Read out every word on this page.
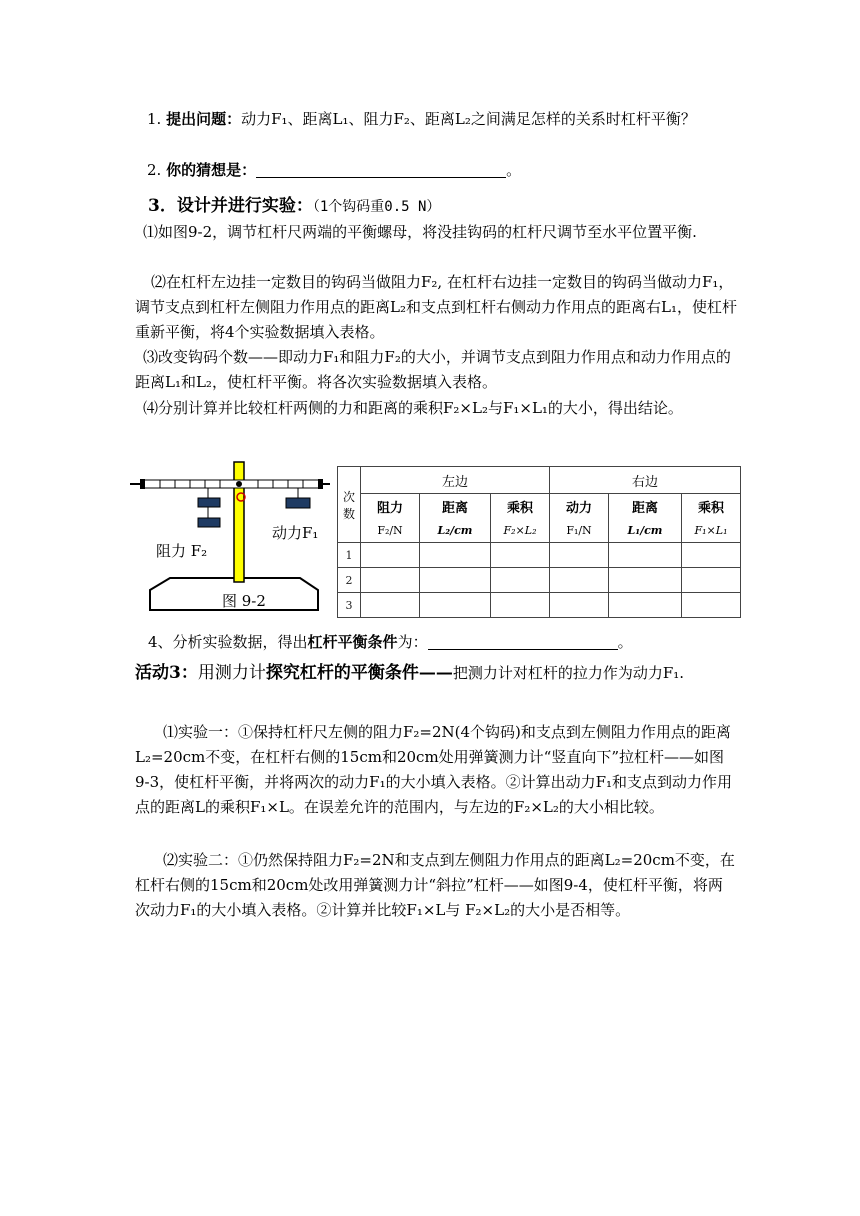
1. 提出问题：动力F₁、距离L₁、阻力F₂、距离L₂之间满足怎样的关系时杠杆平衡？

2. 你的猜想是：	。

3．设计并进行实验：（1个钩码重0.5 N）

⑴如图9-2，调节杠杆尺两端的平衡螺母，将没挂钩码的杠杆尺调节至水平位置平衡.

⑵在杠杆左边挂一定数目的钩码当做阻力F₂, 在杠杆右边挂一定数目的钩码当做动力F₁，调节支点到杠杆左侧阻力作用点的距离L₂和支点到杠杆右侧动力作用点的距离右L₁，使杠杆重新平衡，将4个实验数据填入表格。

⑶改变钩码个数——即动力F₁和阻力F₂的大小，并调节支点到阻力作用点和动力作用点的距离L₁和L₂，使杠杆平衡。将各次实验数据填入表格。

⑷分别计算并比较杠杆两侧的力和距离的乘积F₂×L₂与F₁×L₁的大小，得出结论。

阻力 F₂
动力F₁
图 9-2
次
数	左边			右边		
	阻力	距离	乘积	动力	距离	乘积
	F₂/N	L₂/cm	F₂×L₂	F₁/N	L₁/cm	F₁×L₁
1						
2						
3						

4、分析实验数据，得出杠杆平衡条件为：	。

活动3：用测力计探究杠杆的平衡条件——把测力计对杠杆的拉力作为动力F₁.

⑴实验一：①保持杠杆尺左侧的阻力F₂=2N(4个钩码)和支点到左侧阻力作用点的距离L₂=20cm不变，在杠杆右侧的15cm和20cm处用弹簧测力计“竖直向下”拉杠杆——如图9-3，使杠杆平衡，并将两次的动力F₁的大小填入表格。②计算出动力F₁和支点到动力作用点的距离L的乘积F₁×L。在误差允许的范围内，与左边的F₂×L₂的大小相比较。

⑵实验二：①仍然保持阻力F₂=2N和支点到左侧阻力作用点的距离L₂=20cm不变，在杠杆右侧的15cm和20cm处改用弹簧测力计“斜拉”杠杆——如图9-4，使杠杆平衡，将两次动力F₁的大小填入表格。②计算并比较F₁×L与 F₂×L₂的大小是否相等。
